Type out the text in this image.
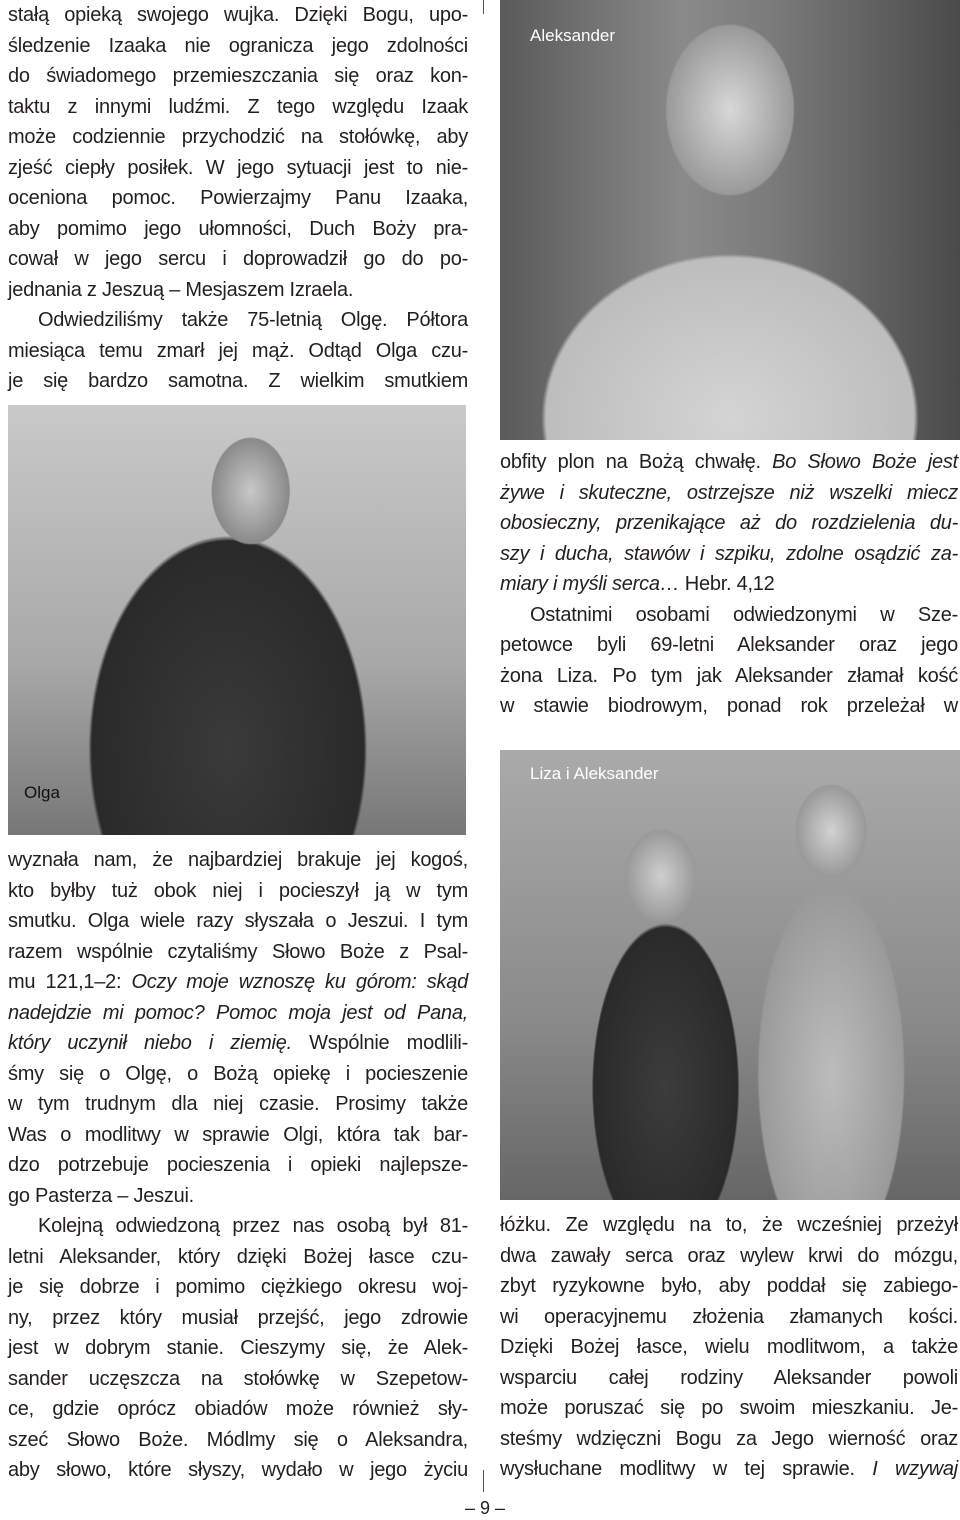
stałą opieką swojego wujka. Dzięki Bogu, upo-
śledzenie Izaaka nie ogranicza jego zdolności
do świadomego przemieszczania się oraz kon-
taktu z innymi ludźmi. Z tego względu Izaak
może codziennie przychodzić na stołówkę, aby
zjeść ciepły posiłek. W jego sytuacji jest to nie-
oceniona pomoc. Powierzajmy Panu Izaaka,
aby pomimo jego ułomności, Duch Boży pra-
cował w jego sercu i doprowadził go do po-
jednania z Jeszuą – Mesjaszem Izraela.
Odwiedziliśmy także 75-letnią Olgę. Półtora
miesiąca temu zmarł jej mąż. Odtąd Olga czu-
je się bardzo samotna. Z wielkim smutkiem
wyznała nam, że najbardziej brakuje jej kogoś,
kto byłby tuż obok niej i pocieszył ją w tym
smutku. Olga wiele razy słyszała o Jeszui. I tym
razem wspólnie czytaliśmy Słowo Boże z Psal-
mu 121,1–2: Oczy moje wznoszę ku górom: skąd
nadejdzie mi pomoc? Pomoc moja jest od Pana,
który uczynił niebo i ziemię. Wspólnie modlili-
śmy się o Olgę, o Bożą opiekę i pocieszenie
w tym trudnym dla niej czasie. Prosimy także
Was o modlitwy w sprawie Olgi, która tak bar-
dzo potrzebuje pocieszenia i opieki najlepsze-
go Pasterza – Jeszui.
Kolejną odwiedzoną przez nas osobą był 81-
letni Aleksander, który dzięki Bożej łasce czu-
je się dobrze i pomimo ciężkiego okresu woj-
ny, przez który musiał przejść, jego zdrowie
jest w dobrym stanie. Cieszymy się, że Alek-
sander uczęszcza na stołówkę w Szepetow-
ce, gdzie oprócz obiadów może również sły-
szeć Słowo Boże. Módlmy się o Aleksandra,
aby słowo, które słyszy, wydało w jego życiu
obfity plon na Bożą chwałę. Bo Słowo Boże jest
żywe i skuteczne, ostrzejsze niż wszelki miecz
obosieczny, przenikające aż do rozdzielenia du-
szy i ducha, stawów i szpiku, zdolne osądzić za-
miary i myśli serca… Hebr. 4,12
Ostatnimi osobami odwiedzonymi w Sze-
petowce byli 69-letni Aleksander oraz jego
żona Liza. Po tym jak Aleksander złamał kość
w stawie biodrowym, ponad rok przeleżał w
łóżku. Ze względu na to, że wcześniej przeżył
dwa zawały serca oraz wylew krwi do mózgu,
zbyt ryzykowne było, aby poddał się zabiego-
wi operacyjnemu złożenia złamanych kości.
Dzięki Bożej łasce, wielu modlitwom, a także
wsparciu całej rodziny Aleksander powoli
może poruszać się po swoim mieszkaniu. Je-
steśmy wdzięczni Bogu za Jego wierność oraz
wysłuchane modlitwy w tej sprawie. I wzywaj
Aleksander
Olga
Liza i Aleksander
– 9 –
